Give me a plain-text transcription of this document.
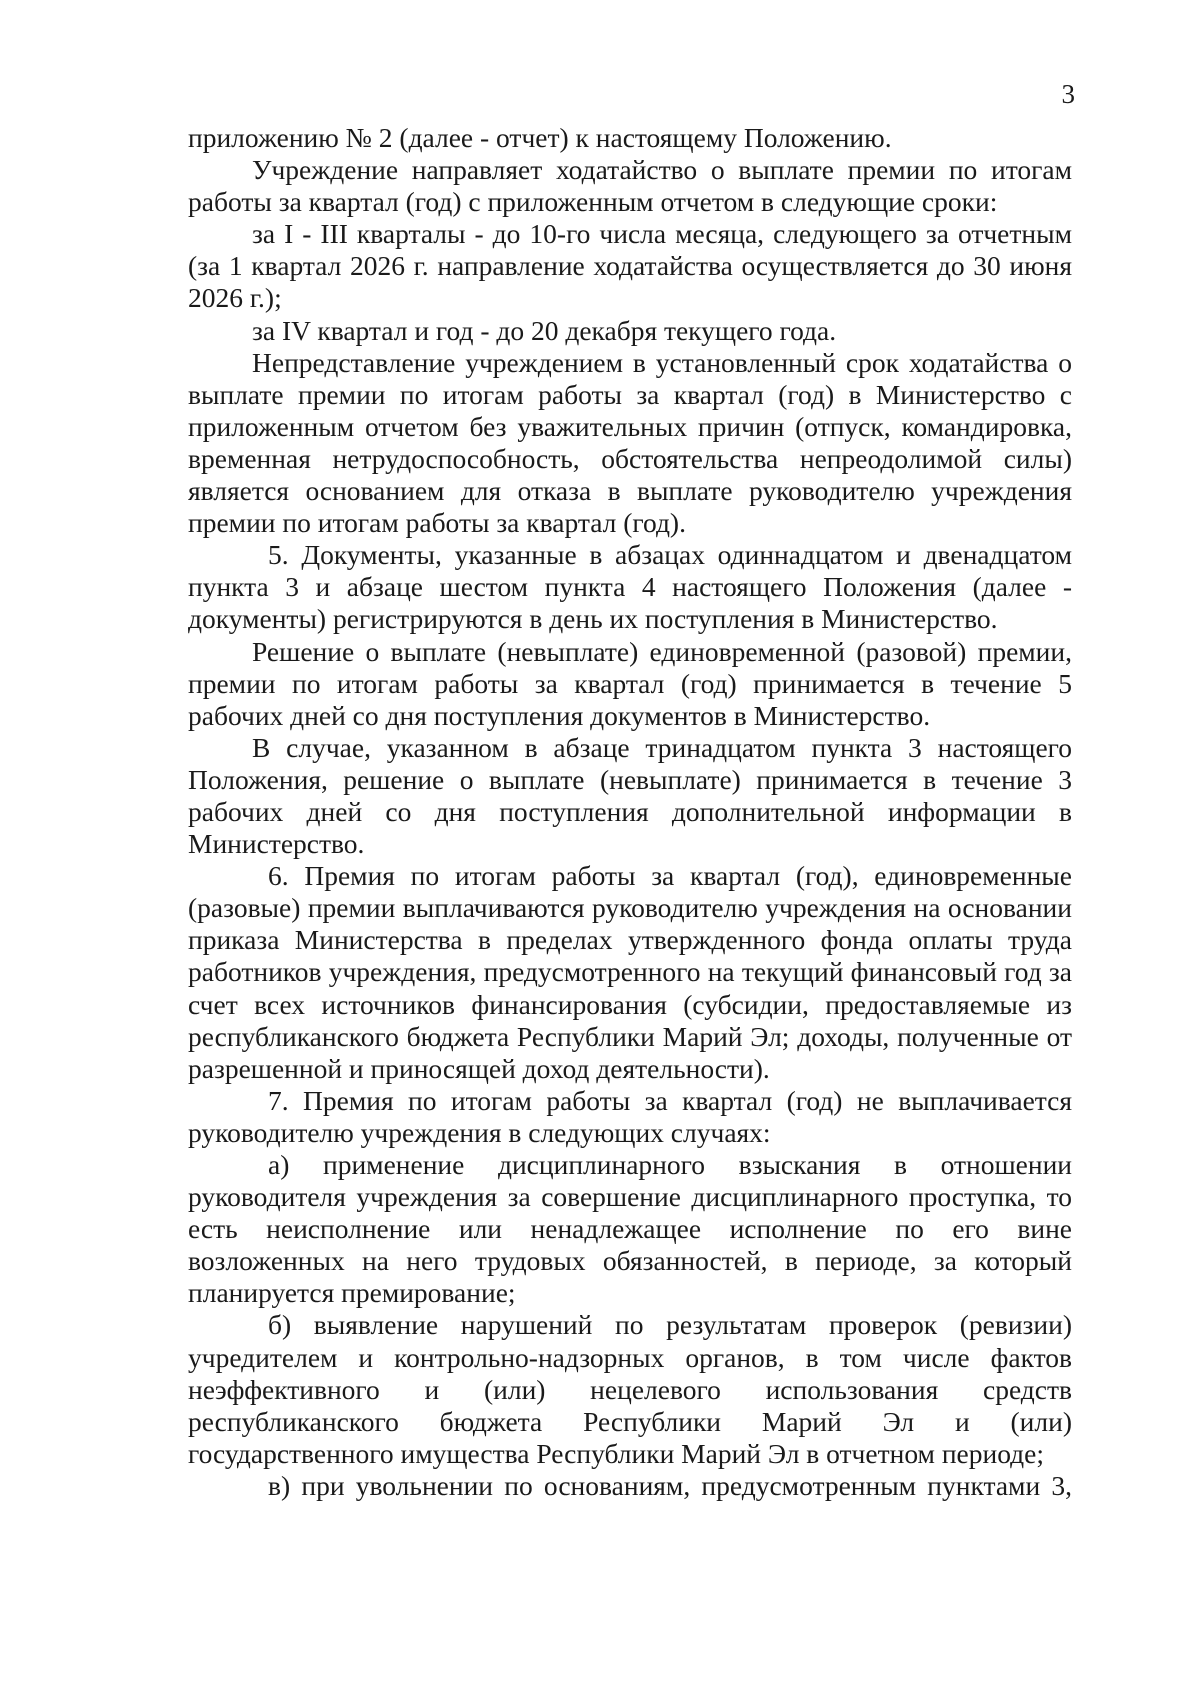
3

приложению № 2 (далее - отчет) к настоящему Положению.

Учреждение направляет ходатайство о выплате премии по итогам работы за квартал (год) с приложенным отчетом в следующие сроки:

за I - III кварталы - до 10-го числа месяца, следующего за отчетным (за 1 квартал 2026 г. направление ходатайства осуществляется до 30 июня 2026 г.);

за IV квартал и год - до 20 декабря текущего года.

Непредставление учреждением в установленный срок ходатайства о выплате премии по итогам работы за квартал (год) в Министерство с приложенным отчетом без уважительных причин (отпуск, командировка, временная нетрудоспособность, обстоятельства непреодолимой силы) является основанием для отказа в выплате руководителю учреждения премии по итогам работы за квартал (год).

5. Документы, указанные в абзацах одиннадцатом и двенадцатом пункта 3 и абзаце шестом пункта 4 настоящего Положения (далее - документы) регистрируются в день их поступления в Министерство.

Решение о выплате (невыплате) единовременной (разовой) премии, премии по итогам работы за квартал (год) принимается в течение 5 рабочих дней со дня поступления документов в Министерство.

В случае, указанном в абзаце тринадцатом пункта 3 настоящего Положения, решение о выплате (невыплате) принимается в течение 3 рабочих дней со дня поступления дополнительной информации в Министерство.

6. Премия по итогам работы за квартал (год), единовременные (разовые) премии выплачиваются руководителю учреждения на основании приказа Министерства в пределах утвержденного фонда оплаты труда работников учреждения, предусмотренного на текущий финансовый год за счет всех источников финансирования (субсидии, предоставляемые из республиканского бюджета Республики Марий Эл; доходы, полученные от разрешенной и приносящей доход деятельности).

7. Премия по итогам работы за квартал (год) не выплачивается руководителю учреждения в следующих случаях:

а) применение дисциплинарного взыскания в отношении руководителя учреждения за совершение дисциплинарного проступка, то есть неисполнение или ненадлежащее исполнение по его вине возложенных на него трудовых обязанностей, в периоде, за который планируется премирование;

б) выявление нарушений по результатам проверок (ревизии) учредителем и контрольно-надзорных органов, в том числе фактов неэффективного и (или) нецелевого использования средств республиканского бюджета Республики Марий Эл и (или) государственного имущества Республики Марий Эл в отчетном периоде;

в) при увольнении по основаниям, предусмотренным пунктами 3,
